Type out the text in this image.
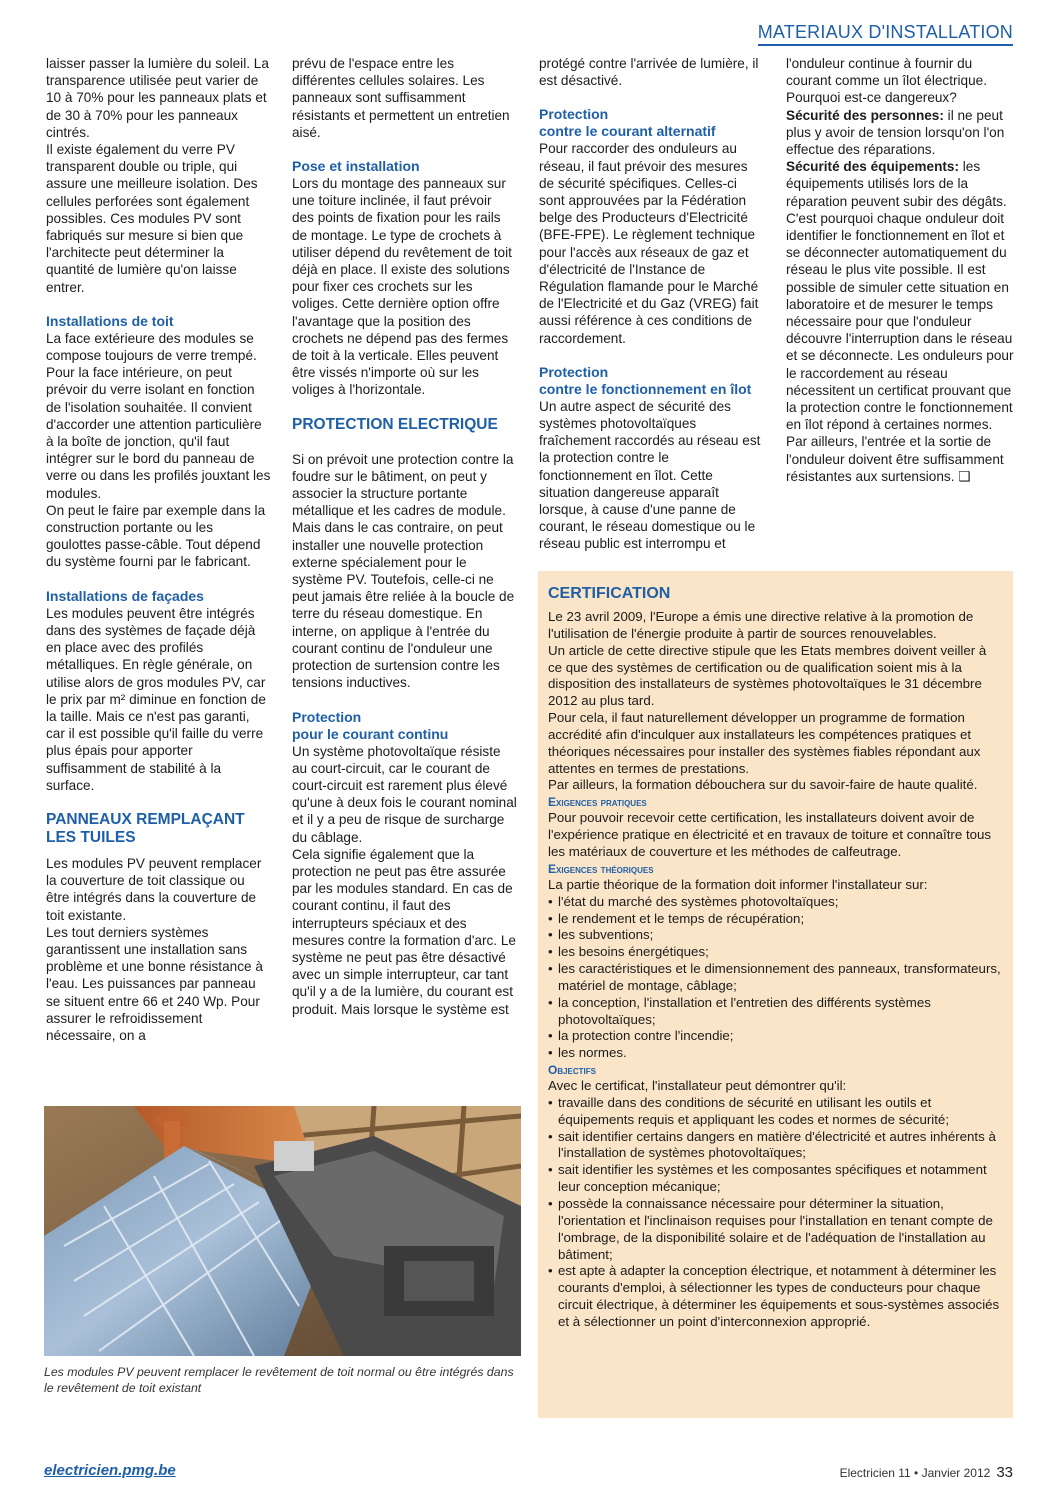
MATERIAUX D'INSTALLATION

laisser passer la lumière du soleil. La transparence utilisée peut varier de 10 à 70% pour les panneaux plats et de 30 à 70% pour les panneaux cintrés.

Il existe également du verre PV transparent double ou triple, qui assure une meilleure isolation. Des cellules perforées sont également possibles. Ces modules PV sont fabriqués sur mesure si bien que l'architecte peut déterminer la quantité de lumière qu'on laisse entrer.

Installations de toit

La face extérieure des modules se compose toujours de verre trempé. Pour la face intérieure, on peut prévoir du verre isolant en fonction de l'isolation souhaitée. Il convient d'accorder une attention particulière à la boîte de jonction, qu'il faut intégrer sur le bord du panneau de verre ou dans les profilés jouxtant les modules.

On peut le faire par exemple dans la construction portante ou les goulottes passe-câble. Tout dépend du système fourni par le fabricant.

Installations de façades

Les modules peuvent être intégrés dans des systèmes de façade déjà en place avec des profilés métalliques. En règle générale, on utilise alors de gros modules PV, car le prix par m² diminue en fonction de la taille. Mais ce n'est pas garanti, car il est possible qu'il faille du verre plus épais pour apporter suffisamment de stabilité à la surface.

PANNEAUX REMPLAÇANT LES TUILES

Les modules PV peuvent remplacer la couverture de toit classique ou être intégrés dans la couverture de toit existante.

Les tout derniers systèmes garantissent une installation sans problème et une bonne résistance à l'eau. Les puissances par panneau se situent entre 66 et 240 Wp. Pour assurer le refroidissement nécessaire, on a

prévu de l'espace entre les différentes cellules solaires. Les panneaux sont suffisamment résistants et permettent un entretien aisé.

Pose et installation

Lors du montage des panneaux sur une toiture inclinée, il faut prévoir des points de fixation pour les rails de montage. Le type de crochets à utiliser dépend du revêtement de toit déjà en place. Il existe des solutions pour fixer ces crochets sur les voliges. Cette dernière option offre l'avantage que la position des crochets ne dépend pas des fermes de toit à la verticale. Elles peuvent être vissés n'importe où sur les voliges à l'horizontale.

PROTECTION ELECTRIQUE

Si on prévoit une protection contre la foudre sur le bâtiment, on peut y associer la structure portante métallique et les cadres de module. Mais dans le cas contraire, on peut installer une nouvelle protection externe spécialement pour le système PV. Toutefois, celle-ci ne peut jamais être reliée à la boucle de terre du réseau domestique. En interne, on applique à l'entrée du courant continu de l'onduleur une protection de surtension contre les tensions inductives.

Protection
pour le courant continu

Un système photovoltaïque résiste au court-circuit, car le courant de court-circuit est rarement plus élevé qu'une à deux fois le courant nominal et il y a peu de risque de surcharge du câblage.

Cela signifie également que la protection ne peut pas être assurée par les modules standard. En cas de courant continu, il faut des interrupteurs spéciaux et des mesures contre la formation d'arc. Le système ne peut pas être désactivé avec un simple interrupteur, car tant qu'il y a de la lumière, du courant est produit. Mais lorsque le système est

protégé contre l'arrivée de lumière, il est désactivé.

Protection
contre le courant alternatif

Pour raccorder des onduleurs au réseau, il faut prévoir des mesures de sécurité spécifiques. Celles-ci sont approuvées par la Fédération belge des Producteurs d'Electricité (BFE-FPE). Le règlement technique pour l'accès aux réseaux de gaz et d'électricité de l'Instance de Régulation flamande pour le Marché de l'Electricité et du Gaz (VREG) fait aussi référence à ces conditions de raccordement.

Protection
contre le fonctionnement en îlot

Un autre aspect de sécurité des systèmes photovoltaïques fraîchement raccordés au réseau est la protection contre le fonctionnement en îlot. Cette situation dangereuse apparaît lorsque, à cause d'une panne de courant, le réseau domestique ou le réseau public est interrompu et

l'onduleur continue à fournir du courant comme un îlot électrique. Pourquoi est-ce dangereux?

Sécurité des personnes: il ne peut plus y avoir de tension lorsqu'on l'on effectue des réparations.

Sécurité des équipements: les équipements utilisés lors de la réparation peuvent subir des dégâts.

C'est pourquoi chaque onduleur doit identifier le fonctionnement en îlot et se déconnecter automatiquement du réseau le plus vite possible. Il est possible de simuler cette situation en laboratoire et de mesurer le temps nécessaire pour que l'onduleur découvre l'interruption dans le réseau et se déconnecte. Les onduleurs pour le raccordement au réseau nécessitent un certificat prouvant que la protection contre le fonctionnement en îlot répond à certaines normes. Par ailleurs, l'entrée et la sortie de l'onduleur doivent être suffisamment résistantes aux surtensions. ❑

Les modules PV peuvent remplacer le revêtement de toit normal ou être intégrés dans le revêtement de toit existant
CERTIFICATION

Le 23 avril 2009, l'Europe a émis une directive relative à la promotion de l'utilisation de l'énergie produite à partir de sources renouvelables.

Un article de cette directive stipule que les Etats membres doivent veiller à ce que des systèmes de certification ou de qualification soient mis à la disposition des installateurs de systèmes photovoltaïques le 31 décembre 2012 au plus tard.

Pour cela, il faut naturellement développer un programme de formation accrédité afin d'inculquer aux installateurs les compétences pratiques et théoriques nécessaires pour installer des systèmes fiables répondant aux attentes en termes de prestations.

Par ailleurs, la formation débouchera sur du savoir-faire de haute qualité.

Exigences pratiques

Pour pouvoir recevoir cette certification, les installateurs doivent avoir de l'expérience pratique en électricité et en travaux de toiture et connaître tous les matériaux de couverture et les méthodes de calfeutrage.

Exigences théoriques

La partie théorique de la formation doit informer l'installateur sur:

• l'état du marché des systèmes photovoltaïques;
• le rendement et le temps de récupération;
• les subventions;
• les besoins énergétiques;
• les caractéristiques et le dimensionnement des panneaux, transformateurs, matériel de montage, câblage;
• la conception, l'installation et l'entretien des différents systèmes photovoltaïques;
• la protection contre l'incendie;
• les normes.
Objectifs

Avec le certificat, l'installateur peut démontrer qu'il:

• travaille dans des conditions de sécurité en utilisant les outils et équipements requis et appliquant les codes et normes de sécurité;
• sait identifier certains dangers en matière d'électricité et autres inhérents à l'installation de systèmes photovoltaïques;
• sait identifier les systèmes et les composantes spécifiques et notamment leur conception mécanique;
• possède la connaissance nécessaire pour déterminer la situation, l'orientation et l'inclinaison requises pour l'installation en tenant compte de l'ombrage, de la disponibilité solaire et de l'adéquation de l'installation au bâtiment;
• est apte à adapter la conception électrique, et notamment à déterminer les courants d'emploi, à sélectionner les types de conducteurs pour chaque circuit électrique, à déterminer les équipements et sous-systèmes associés et à sélectionner un point d'interconnexion approprié.
electricien.pmg.be	Electricien 11 • Janvier 2012 33
